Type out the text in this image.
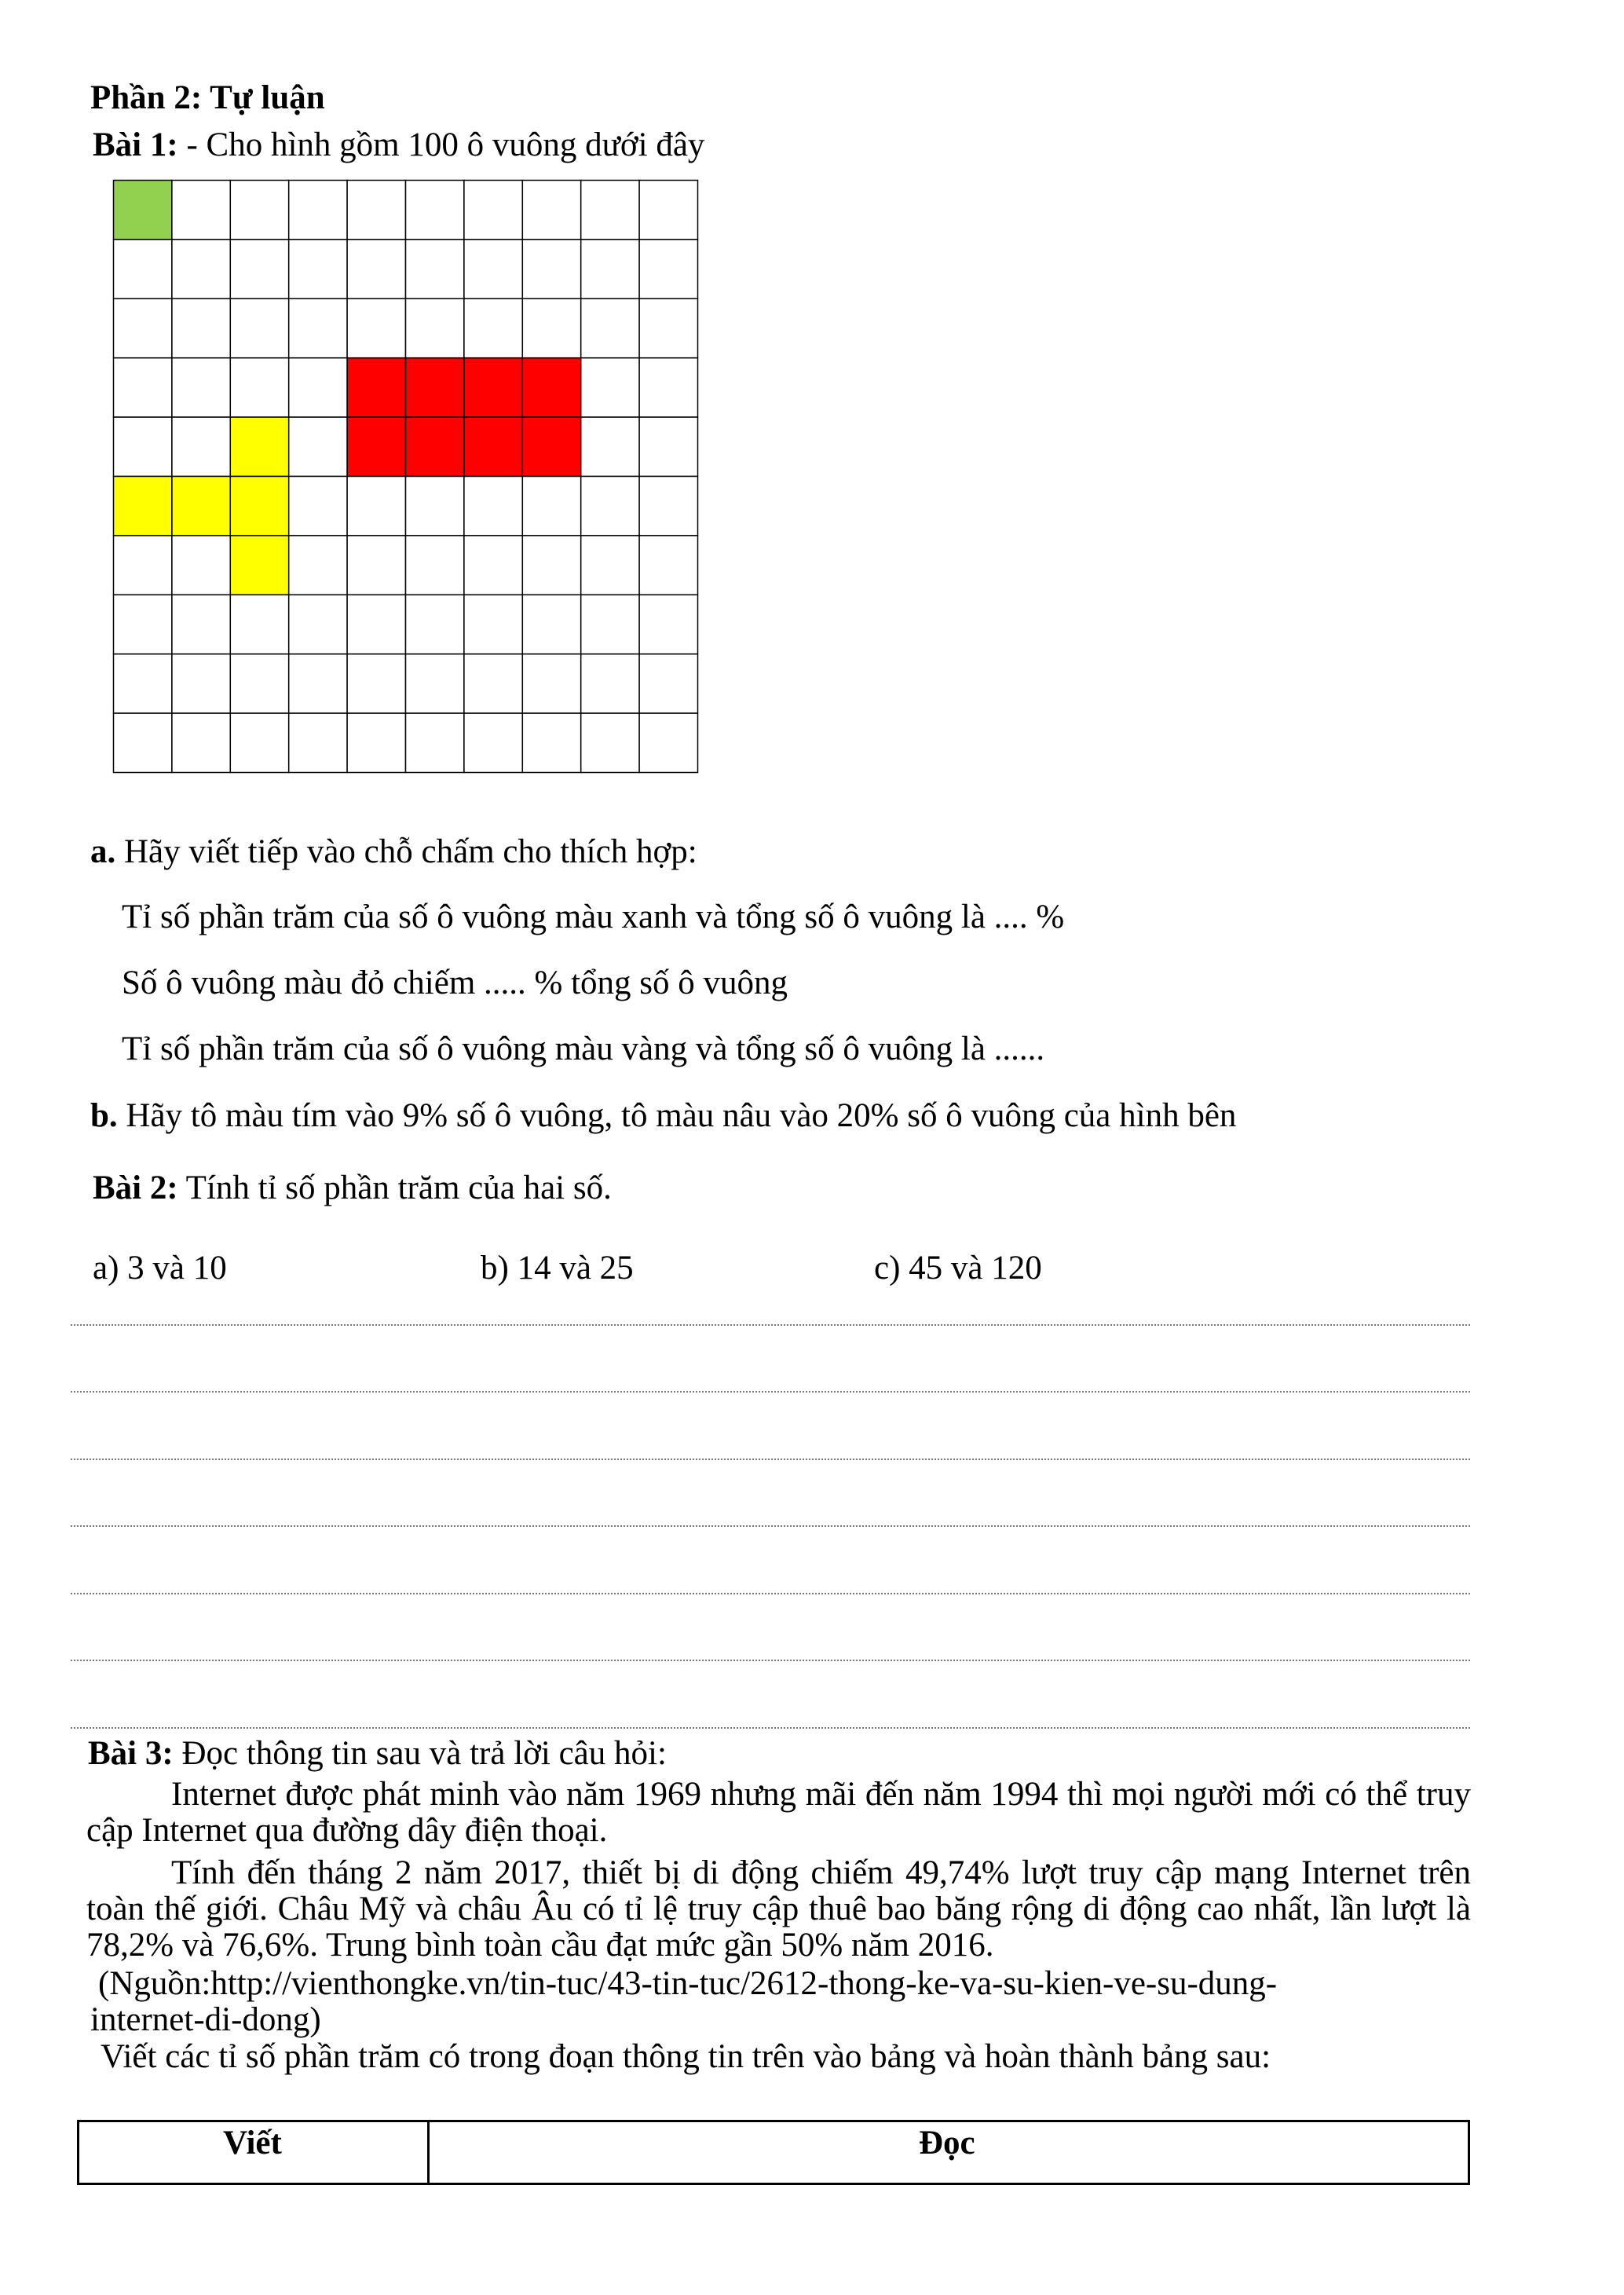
Phần 2: Tự luận
Bài 1: - Cho hình gồm 100 ô vuông dưới đây
a. Hãy viết tiếp vào chỗ chấm cho thích hợp:
Tỉ số phần trăm của số ô vuông màu xanh và tổng số ô vuông là .... %
Số ô vuông màu đỏ chiếm ..... % tổng số ô vuông
Tỉ số phần trăm của số ô vuông màu vàng và tổng số ô vuông là ......
b. Hãy tô màu tím vào 9% số ô vuông, tô màu nâu vào 20% số ô vuông của hình bên
Bài 2: Tính tỉ số phần trăm của hai số.
a) 3 và 10	b) 14 và 25	c) 45 và 120
Bài 3: Đọc thông tin sau và trả lời câu hỏi:
Internet được phát minh vào năm 1969 nhưng mãi đến năm 1994 thì mọi người mới có thể truy cập Internet qua đường dây điện thoại.
Tính đến tháng 2 năm 2017, thiết bị di động chiếm 49,74% lượt truy cập mạng Internet trên toàn thế giới. Châu Mỹ và châu Âu có tỉ lệ truy cập thuê bao băng rộng di động cao nhất, lần lượt là 78,2% và 76,6%. Trung bình toàn cầu đạt mức gần 50% năm 2016.
(Nguồn:http://vienthongke.vn/tin-tuc/43-tin-tuc/2612-thong-ke-va-su-kien-ve-su-dung-
internet-di-dong)
Viết các tỉ số phần trăm có trong đoạn thông tin trên vào bảng và hoàn thành bảng sau:
Viết	Đọc
